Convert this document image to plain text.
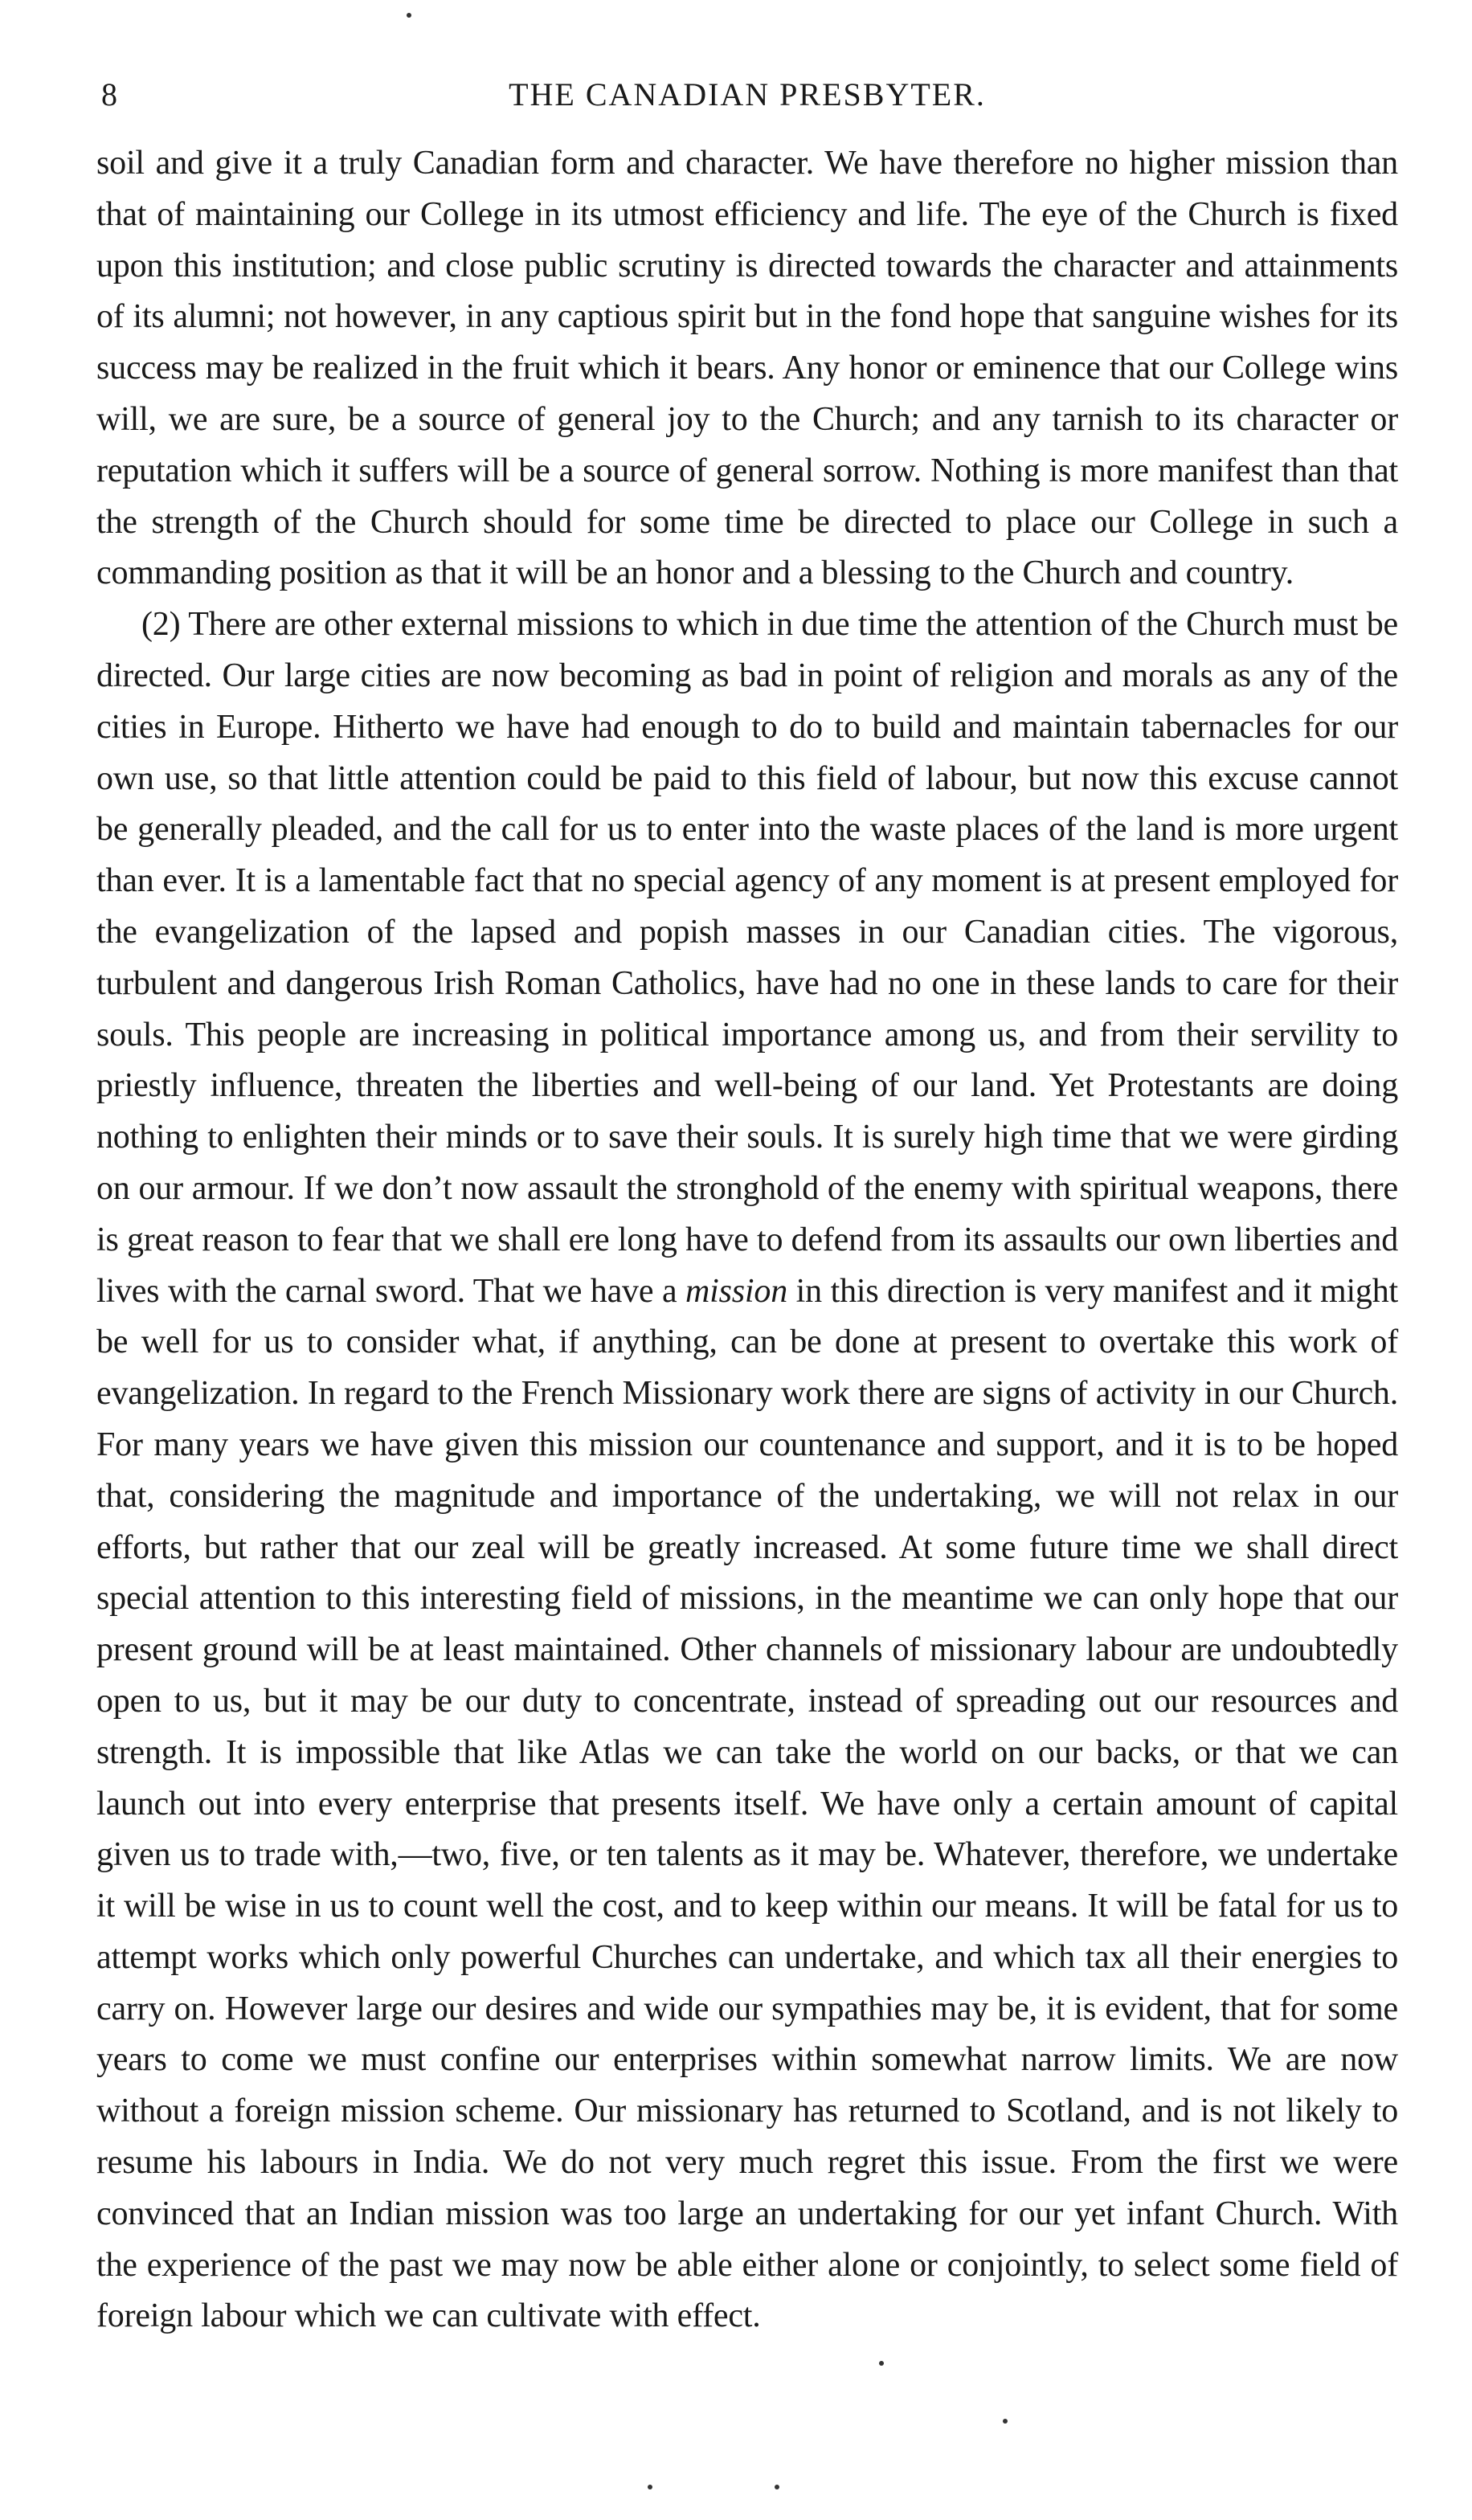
8	THE CANADIAN PRESBYTER.

soil and give it a truly Canadian form and character. We have therefore no higher mission than that of maintaining our College in its utmost efficiency and life. The eye of the Church is fixed upon this institution; and close public scrutiny is directed towards the character and attainments of its alumni; not however, in any captious spirit but in the fond hope that sanguine wishes for its success may be realized in the fruit which it bears. Any honor or eminence that our College wins will, we are sure, be a source of general joy to the Church; and any tarnish to its character or reputation which it suffers will be a source of general sorrow. Nothing is more manifest than that the strength of the Church should for some time be directed to place our College in such a commanding position as that it will be an honor and a blessing to the Church and country.

(2) There are other external missions to which in due time the attention of the Church must be directed. Our large cities are now becoming as bad in point of religion and morals as any of the cities in Europe. Hitherto we have had enough to do to build and maintain tabernacles for our own use, so that little attention could be paid to this field of labour, but now this excuse cannot be generally pleaded, and the call for us to enter into the waste places of the land is more urgent than ever. It is a lamentable fact that no special agency of any moment is at present employed for the evangelization of the lapsed and popish masses in our Canadian cities. The vigorous, turbulent and dangerous Irish Roman Catholics, have had no one in these lands to care for their souls. This people are increasing in political importance among us, and from their servility to priestly influence, threaten the liberties and well-being of our land. Yet Protestants are doing nothing to enlighten their minds or to save their souls. It is surely high time that we were girding on our armour. If we don’t now assault the stronghold of the enemy with spiritual weapons, there is great reason to fear that we shall ere long have to defend from its assaults our own liberties and lives with the carnal sword. That we have a mission in this direction is very manifest and it might be well for us to consider what, if anything, can be done at present to overtake this work of evangelization. In regard to the French Missionary work there are signs of activity in our Church. For many years we have given this mission our countenance and support, and it is to be hoped that, considering the magnitude and importance of the undertaking, we will not relax in our efforts, but rather that our zeal will be greatly increased. At some future time we shall direct special attention to this interesting field of missions, in the meantime we can only hope that our present ground will be at least maintained. Other channels of missionary labour are undoubtedly open to us, but it may be our duty to concentrate, instead of spreading out our resources and strength. It is impossible that like Atlas we can take the world on our backs, or that we can launch out into every enterprise that presents itself. We have only a certain amount of capital given us to trade with,—two, five, or ten talents as it may be. Whatever, therefore, we undertake it will be wise in us to count well the cost, and to keep within our means. It will be fatal for us to attempt works which only powerful Churches can undertake, and which tax all their energies to carry on. However large our desires and wide our sympathies may be, it is evident, that for some years to come we must confine our enterprises within somewhat narrow limits. We are now without a foreign mission scheme. Our missionary has returned to Scotland, and is not likely to resume his labours in India. We do not very much regret this issue. From the first we were convinced that an Indian mission was too large an undertaking for our yet infant Church. With the experience of the past we may now be able either alone or conjointly, to select some field of foreign labour which we can cultivate with effect.
